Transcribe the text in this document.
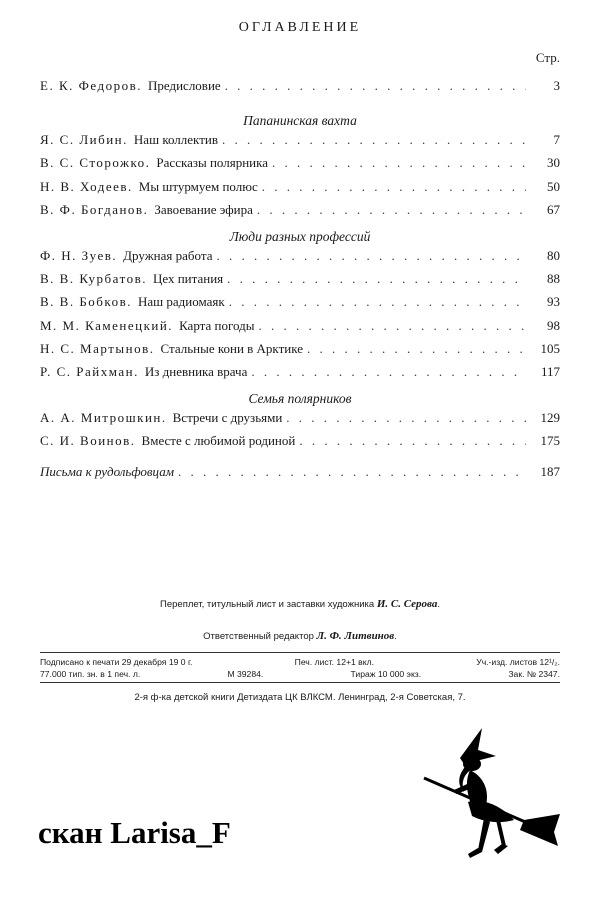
ОГЛАВЛЕНИЕ
Стр.
Е. К. Федоров. Предисловие . . .	3
Папанинская вахта
Я. С. Либин. Наш коллектив . . .	7
В. С. Сторожко. Рассказы полярника . . .	30
Н. В. Ходеев. Мы штурмуем полюс . . .	50
В. Ф. Богданов. Завоевание эфира . . .	67
Люди разных профессий
Ф. Н. Зуев. Дружная работа . . .	80
В. В. Курбатов. Цех питания . . .	88
В. В. Бобков. Наш радиомаяк . . .	93
М. М. Каменецкий. Карта погоды . . .	98
Н. С. Мартынов. Стальные кони в Арктике . . .	105
Р. С. Райхман. Из дневника врача . . .	117
Семья полярников
А. А. Митрошкин. Встречи с друзьями . . .	129
С. И. Воинов. Вместе с любимой родиной . . .	175
Письма к рудольфовцам . . .	187
Переплет, титульный лист и заставки художника И. С. Серова.
Ответственный редактор Л. Ф. Литвинов.
Подписано к печати 29 декабря 19 0 г.	Печ. лист. 12+1 вкл.	Уч.-изд. листов 12¹/₂.
77.000 тип. зн. в 1 печ. л.	М 39284.	Тираж 10 000 экз.	Зак. № 2347.
2-я ф-ка детской книги Детиздата ЦК ВЛКСМ. Ленинград, 2-я Советская, 7.
скан Larisa_F
